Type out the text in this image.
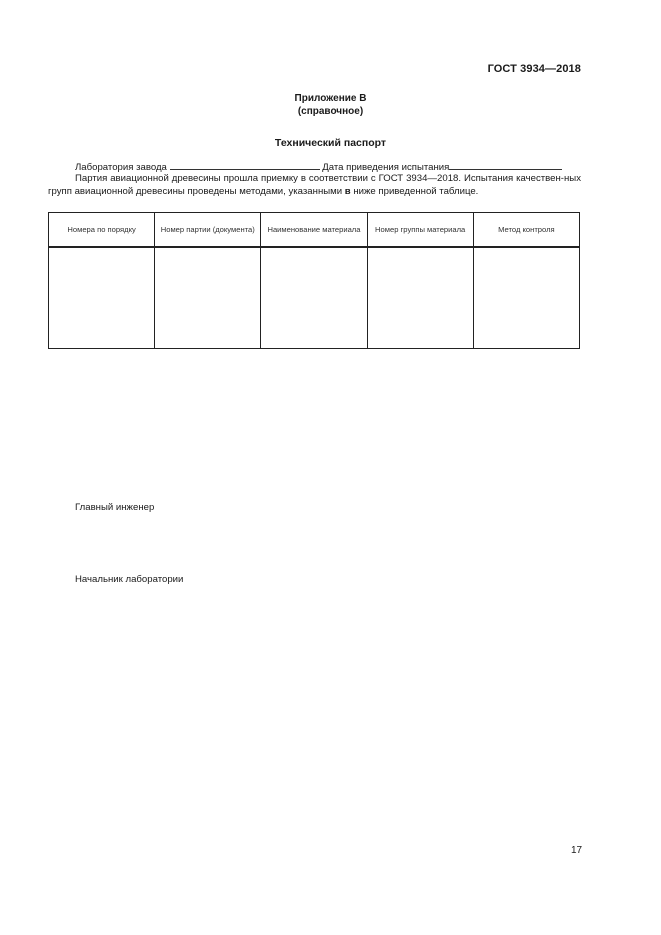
ГОСТ 3934—2018
Приложение В
(справочное)
Технический паспорт
Лаборатория завода	Дата приведения испытания
Партия авиационной древесины прошла приемку в соответствии с ГОСТ 3934—2018. Испытания качествен-ных групп авиационной древесины проведены методами, указанными в ниже приведенной таблице.
Номера по порядку	Номер партии (документа)	Наименование материала	Номер группы материала	Метод контроля

Главный инженер
Начальник лаборатории
17
